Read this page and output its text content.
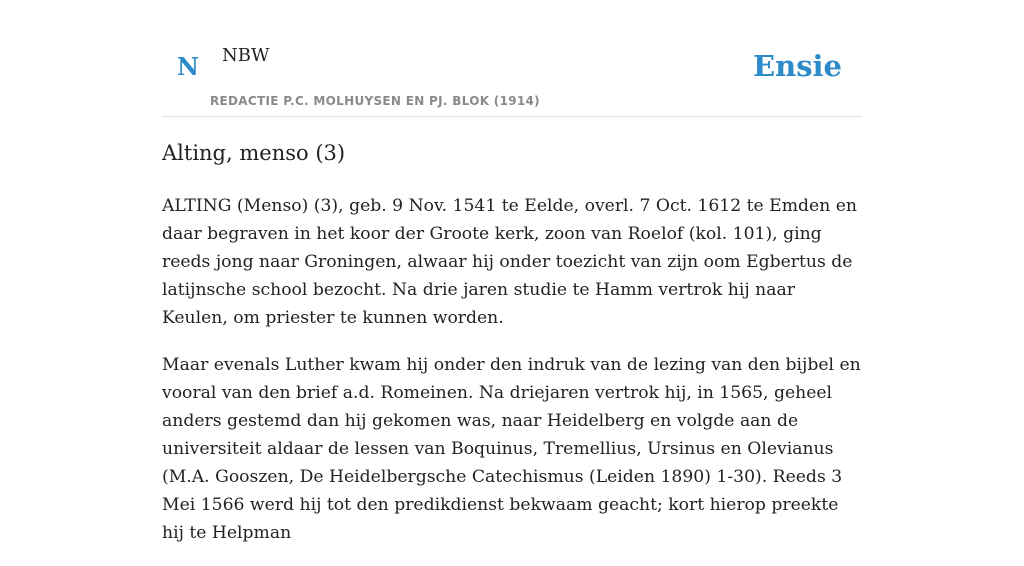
N NBW
REDACTIE P.C. MOLHUYSEN EN PJ. BLOK (1914)
Ensie
Alting, menso (3)

ALTING (Menso) (3), geb. 9 Nov. 1541 te Eelde, overl. 7 Oct. 1612 te Emden en daar begraven in het koor der Groote kerk, zoon van Roelof (kol. 101), ging reeds jong naar Groningen, alwaar hij onder toezicht van zijn oom Egbertus de latijnsche school bezocht. Na drie jaren studie te Hamm vertrok hij naar Keulen, om priester te kunnen worden.

Maar evenals Luther kwam hij onder den indruk van de lezing van den bijbel en vooral van den brief a.d. Romeinen. Na driejaren vertrok hij, in 1565, geheel anders gestemd dan hij gekomen was, naar Heidelberg en volgde aan de universiteit aldaar de lessen van Boquinus, Tremellius, Ursinus en Olevianus (M.A. Gooszen, De Heidelbergsche Catechismus (Leiden 1890) 1-30). Reeds 3 Mei 1566 werd hij tot den predikdienst bekwaam geacht; kort hierop preekte hij te Helpman
